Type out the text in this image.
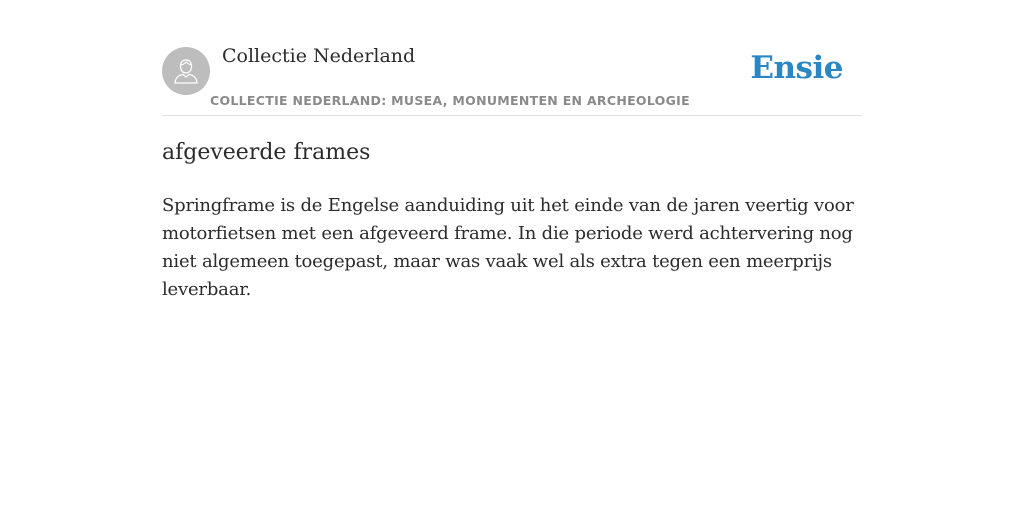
Collectie Nederland
COLLECTIE NEDERLAND: MUSEA, MONUMENTEN EN ARCHEOLOGIE
Ensie
afgeveerde frames

Springframe is de Engelse aanduiding uit het einde van de jaren veertig voor motorfietsen met een afgeveerd frame. In die periode werd achtervering nog niet algemeen toegepast, maar was vaak wel als extra tegen een meerprijs leverbaar.
